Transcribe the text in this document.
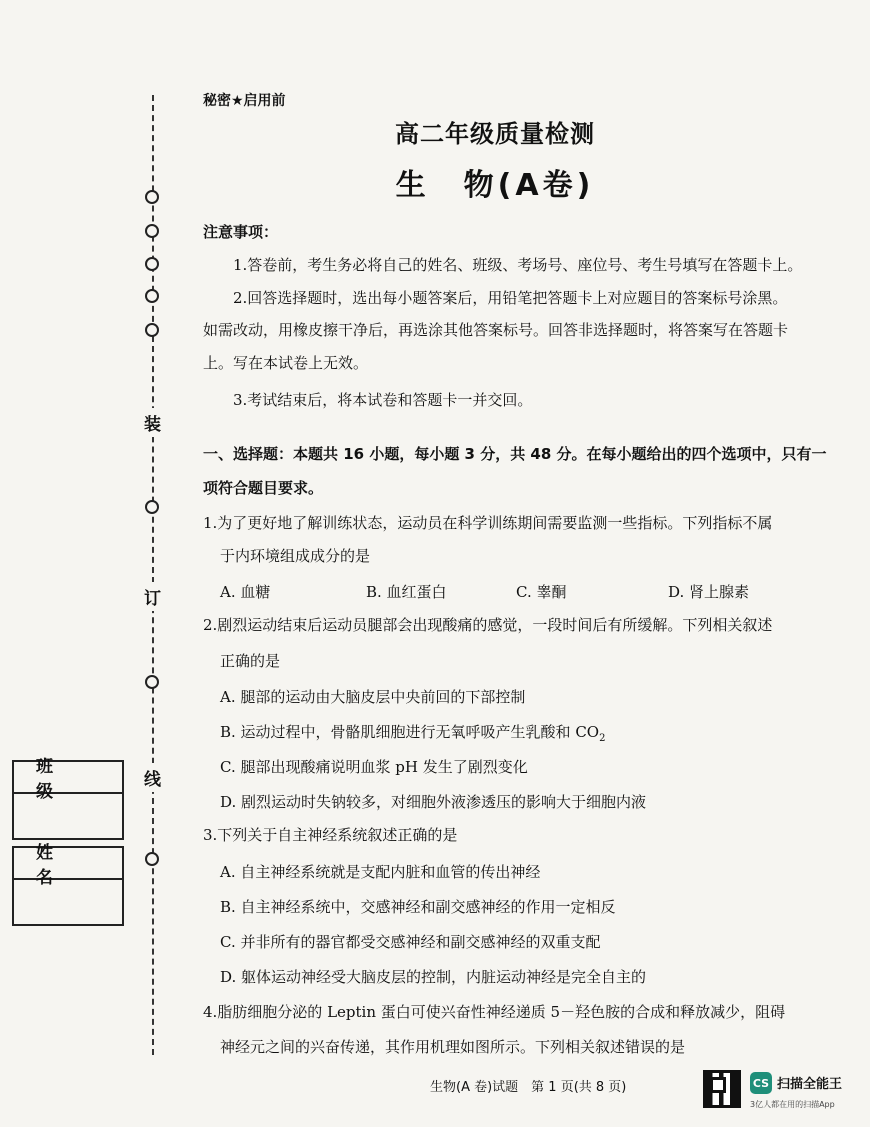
装
订
线
班　级
姓　名
秘密★启用前
高二年级质量检测
生　物(A卷)
注意事项：
1.答卷前，考生务必将自己的姓名、班级、考场号、座位号、考生号填写在答题卡上。
2.回答选择题时，选出每小题答案后，用铅笔把答题卡上对应题目的答案标号涂黑。
如需改动，用橡皮擦干净后，再选涂其他答案标号。回答非选择题时，将答案写在答题卡
上。写在本试卷上无效。
3.考试结束后，将本试卷和答题卡一并交回。
一、选择题：本题共 16 小题，每小题 3 分，共 48 分。在每小题给出的四个选项中，只有一
项符合题目要求。
1.为了更好地了解训练状态，运动员在科学训练期间需要监测一些指标。下列指标不属
于内环境组成成分的是
A. 血糖	B. 血红蛋白	C. 睾酮	D. 肾上腺素
2.剧烈运动结束后运动员腿部会出现酸痛的感觉，一段时间后有所缓解。下列相关叙述
正确的是
A. 腿部的运动由大脑皮层中央前回的下部控制
B. 运动过程中，骨骼肌细胞进行无氧呼吸产生乳酸和 $CO_2$
C. 腿部出现酸痛说明血浆 pH 发生了剧烈变化
D. 剧烈运动时失钠较多，对细胞外液渗透压的影响大于细胞内液
3.下列关于自主神经系统叙述正确的是
A. 自主神经系统就是支配内脏和血管的传出神经
B. 自主神经系统中，交感神经和副交感神经的作用一定相反
C. 并非所有的器官都受交感神经和副交感神经的双重支配
D. 躯体运动神经受大脑皮层的控制，内脏运动神经是完全自主的
4.脂肪细胞分泌的 Leptin 蛋白可使兴奋性神经递质 5－羟色胺的合成和释放减少，阻碍
神经元之间的兴奋传递，其作用机理如图所示。下列相关叙述错误的是
生物(A 卷)试题　第 1 页(共 8 页)	CS 扫描全能王
3亿人都在用的扫描App
